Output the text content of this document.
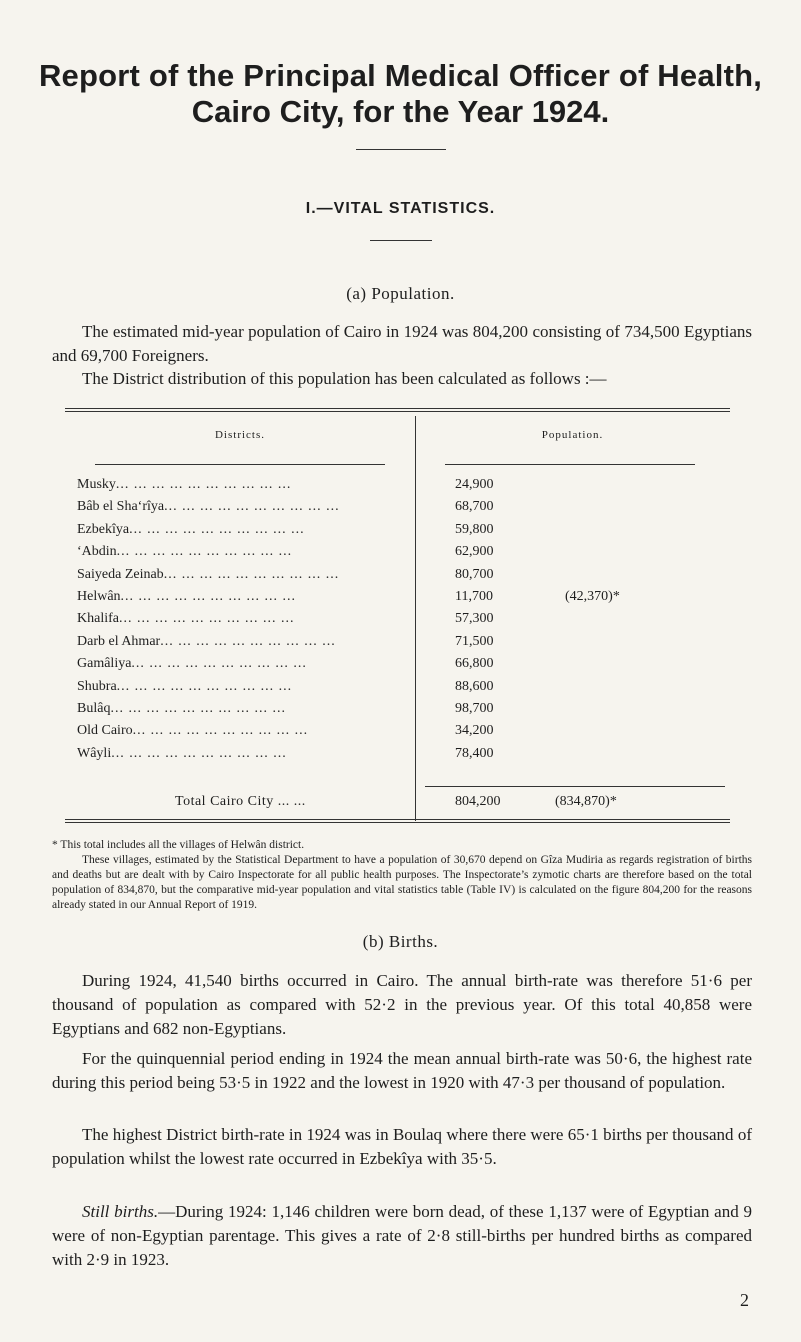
Report of the Principal Medical Officer of Health,
Cairo City, for the Year 1924.
I.—VITAL STATISTICS.
(a) Population.

The estimated mid-year population of Cairo in 1924 was 804,200 consisting of 734,500 Egyptians and 69,700 Foreigners.

The District distribution of this population has been calculated as follows :—

Districts.	Population.
Musky... ... ... ... ... ... ... ... ... ...	24,900
Bâb el Sha‘rîya... ... ... ... ... ... ... ... ... ...	68,700
Ezbekîya... ... ... ... ... ... ... ... ... ...	59,800
‘Abdin... ... ... ... ... ... ... ... ... ...	62,900
Saiyeda Zeinab... ... ... ... ... ... ... ... ... ...	80,700
Helwân... ... ... ... ... ... ... ... ... ...	11,700	(42,370)*
Khalifa... ... ... ... ... ... ... ... ... ...	57,300
Darb el Ahmar... ... ... ... ... ... ... ... ... ...	71,500
Gamâliya... ... ... ... ... ... ... ... ... ...	66,800
Shubra... ... ... ... ... ... ... ... ... ...	88,600
Bulâq... ... ... ... ... ... ... ... ... ...	98,700
Old Cairo... ... ... ... ... ... ... ... ... ...	34,200
Wâyli... ... ... ... ... ... ... ... ... ...	78,400
Total Cairo City ... ...	804,200	(834,870)*

* This total includes all the villages of Helwân district.

These villages, estimated by the Statistical Department to have a population of 30,670 depend on Gîza Mudiria as regards registration of births and deaths but are dealt with by Cairo Inspectorate for all public health purposes. The Inspectorate’s zymotic charts are therefore based on the total population of 834,870, but the comparative mid-year population and vital statistics table (Table IV) is calculated on the figure 804,200 for the reasons already stated in our Annual Report of 1919.

(b) Births.

During 1924, 41,540 births occurred in Cairo. The annual birth-rate was therefore 51·6 per thousand of population as compared with 52·2 in the previous year. Of this total 40,858 were Egyptians and 682 non-Egyptians.

For the quinquennial period ending in 1924 the mean annual birth-rate was 50·6, the highest rate during this period being 53·5 in 1922 and the lowest in 1920 with 47·3 per thousand of population.

The highest District birth-rate in 1924 was in Boulaq where there were 65·1 births per thousand of population whilst the lowest rate occurred in Ezbekîya with 35·5.

Still births.—During 1924: 1,146 children were born dead, of these 1,137 were of Egyptian and 9 were of non-Egyptian parentage. This gives a rate of 2·8 still-births per hundred births as compared with 2·9 in 1923.

2
